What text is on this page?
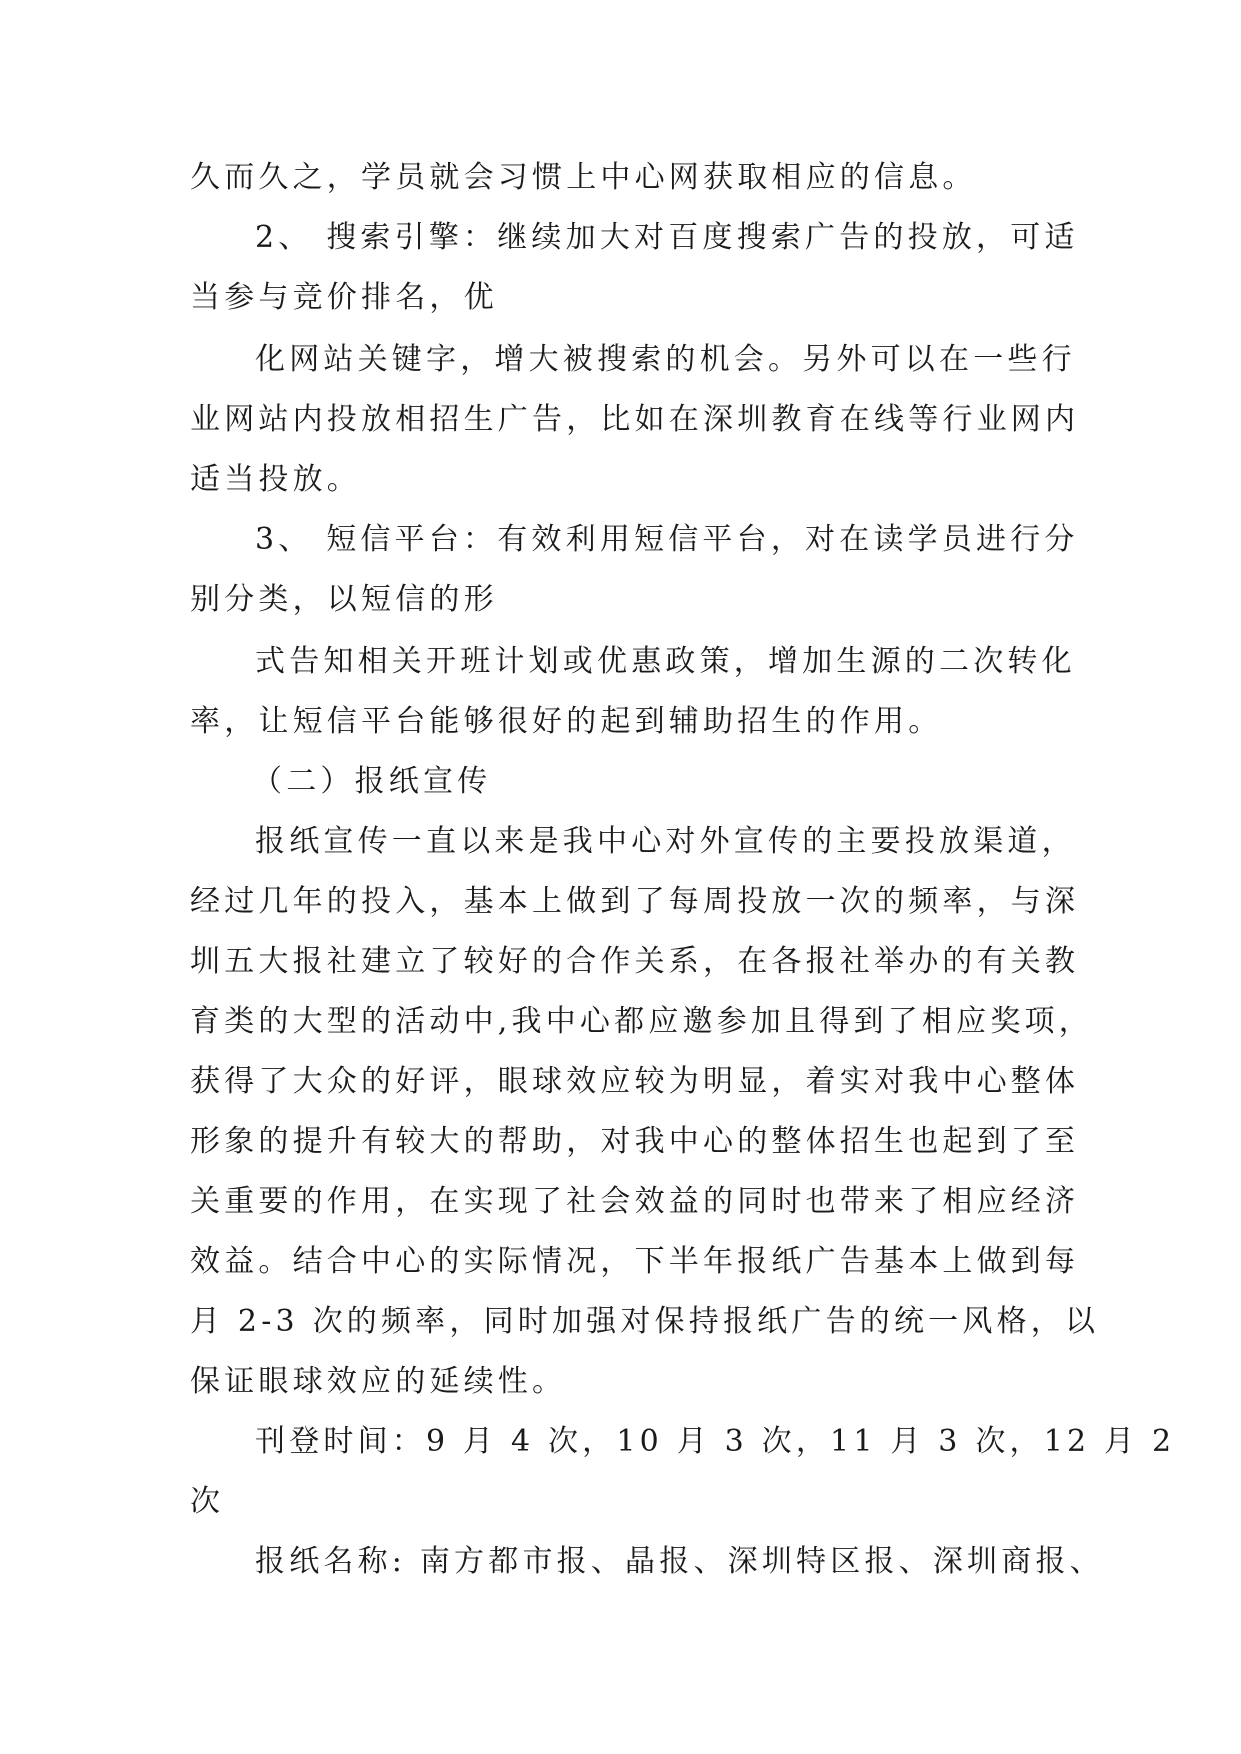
久而久之，学员就会习惯上中心网获取相应的信息。
2、 搜索引擎：继续加大对百度搜索广告的投放，可适
当参与竞价排名，优
化网站关键字，增大被搜索的机会。另外可以在一些行
业网站内投放相招生广告，比如在深圳教育在线等行业网内
适当投放。
3、 短信平台：有效利用短信平台，对在读学员进行分
别分类，以短信的形
式告知相关开班计划或优惠政策，增加生源的二次转化
率，让短信平台能够很好的起到辅助招生的作用。
（二）报纸宣传
报纸宣传一直以来是我中心对外宣传的主要投放渠道，
经过几年的投入，基本上做到了每周投放一次的频率，与深
圳五大报社建立了较好的合作关系，在各报社举办的有关教
育类的大型的活动中,我中心都应邀参加且得到了相应奖项，
获得了大众的好评，眼球效应较为明显，着实对我中心整体
形象的提升有较大的帮助，对我中心的整体招生也起到了至
关重要的作用，在实现了社会效益的同时也带来了相应经济
效益。结合中心的实际情况，下半年报纸广告基本上做到每
月 2-3 次的频率，同时加强对保持报纸广告的统一风格，以
保证眼球效应的延续性。
刊登时间：9 月 4 次，10 月 3 次，11 月 3 次，12 月 2
次
报纸名称: 南方都市报、晶报、深圳特区报、深圳商报、
